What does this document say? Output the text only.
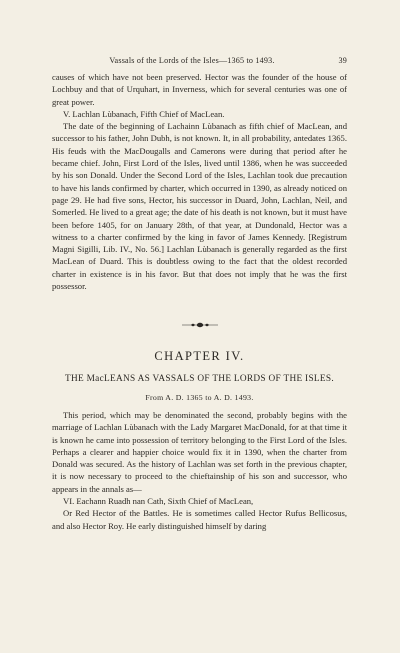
Vassals of the Lords of the Isles—1365 to 1493.	39

causes of which have not been preserved. Hector was the founder of the house of Lochbuy and that of Urquhart, in Inverness, which for several centuries was one of great power.

V. Lachlan Lùbanach, Fifth Chief of MacLean.

The date of the beginning of Lachainn Lùbanach as fifth chief of MacLean, and successor to his father, John Dubh, is not known. It, in all probability, antedates 1365. His feuds with the MacDougalls and Camerons were during that period after he became chief. John, First Lord of the Isles, lived until 1386, when he was succeeded by his son Donald. Under the Second Lord of the Isles, Lachlan took due precaution to have his lands confirmed by charter, which occurred in 1390, as already noticed on page 29. He had five sons, Hector, his successor in Duard, John, Lachlan, Neil, and Somerled. He lived to a great age; the date of his death is not known, but it must have been before 1405, for on January 28th, of that year, at Dundonald, Hector was a witness to a charter confirmed by the king in favor of James Kennedy. [Registrum Magni Sigilli, Lib. IV., No. 56.] Lachlan Lùbanach is generally regarded as the first MacLean of Duard. This is doubtless owing to the fact that the oldest recorded charter in existence is in his favor. But that does not imply that he was the first possessor.

CHAPTER IV.
THE MacLEANS AS VASSALS OF THE LORDS OF THE ISLES.
From A. D. 1365 to A. D. 1493.

This period, which may be denominated the second, probably begins with the marriage of Lachlan Lùbanach with the Lady Margaret MacDonald, for at that time it is known he came into possession of territory belonging to the First Lord of the Isles. Perhaps a clearer and happier choice would fix it in 1390, when the charter from Donald was secured. As the history of Lachlan was set forth in the previous chapter, it is now necessary to proceed to the chieftainship of his son and successor, who appears in the annals as—

VI. Eachann Ruadh nan Cath, Sixth Chief of MacLean,

Or Red Hector of the Battles. He is sometimes called Hector Rufus Bellicosus, and also Hector Roy. He early distinguished himself by daring
